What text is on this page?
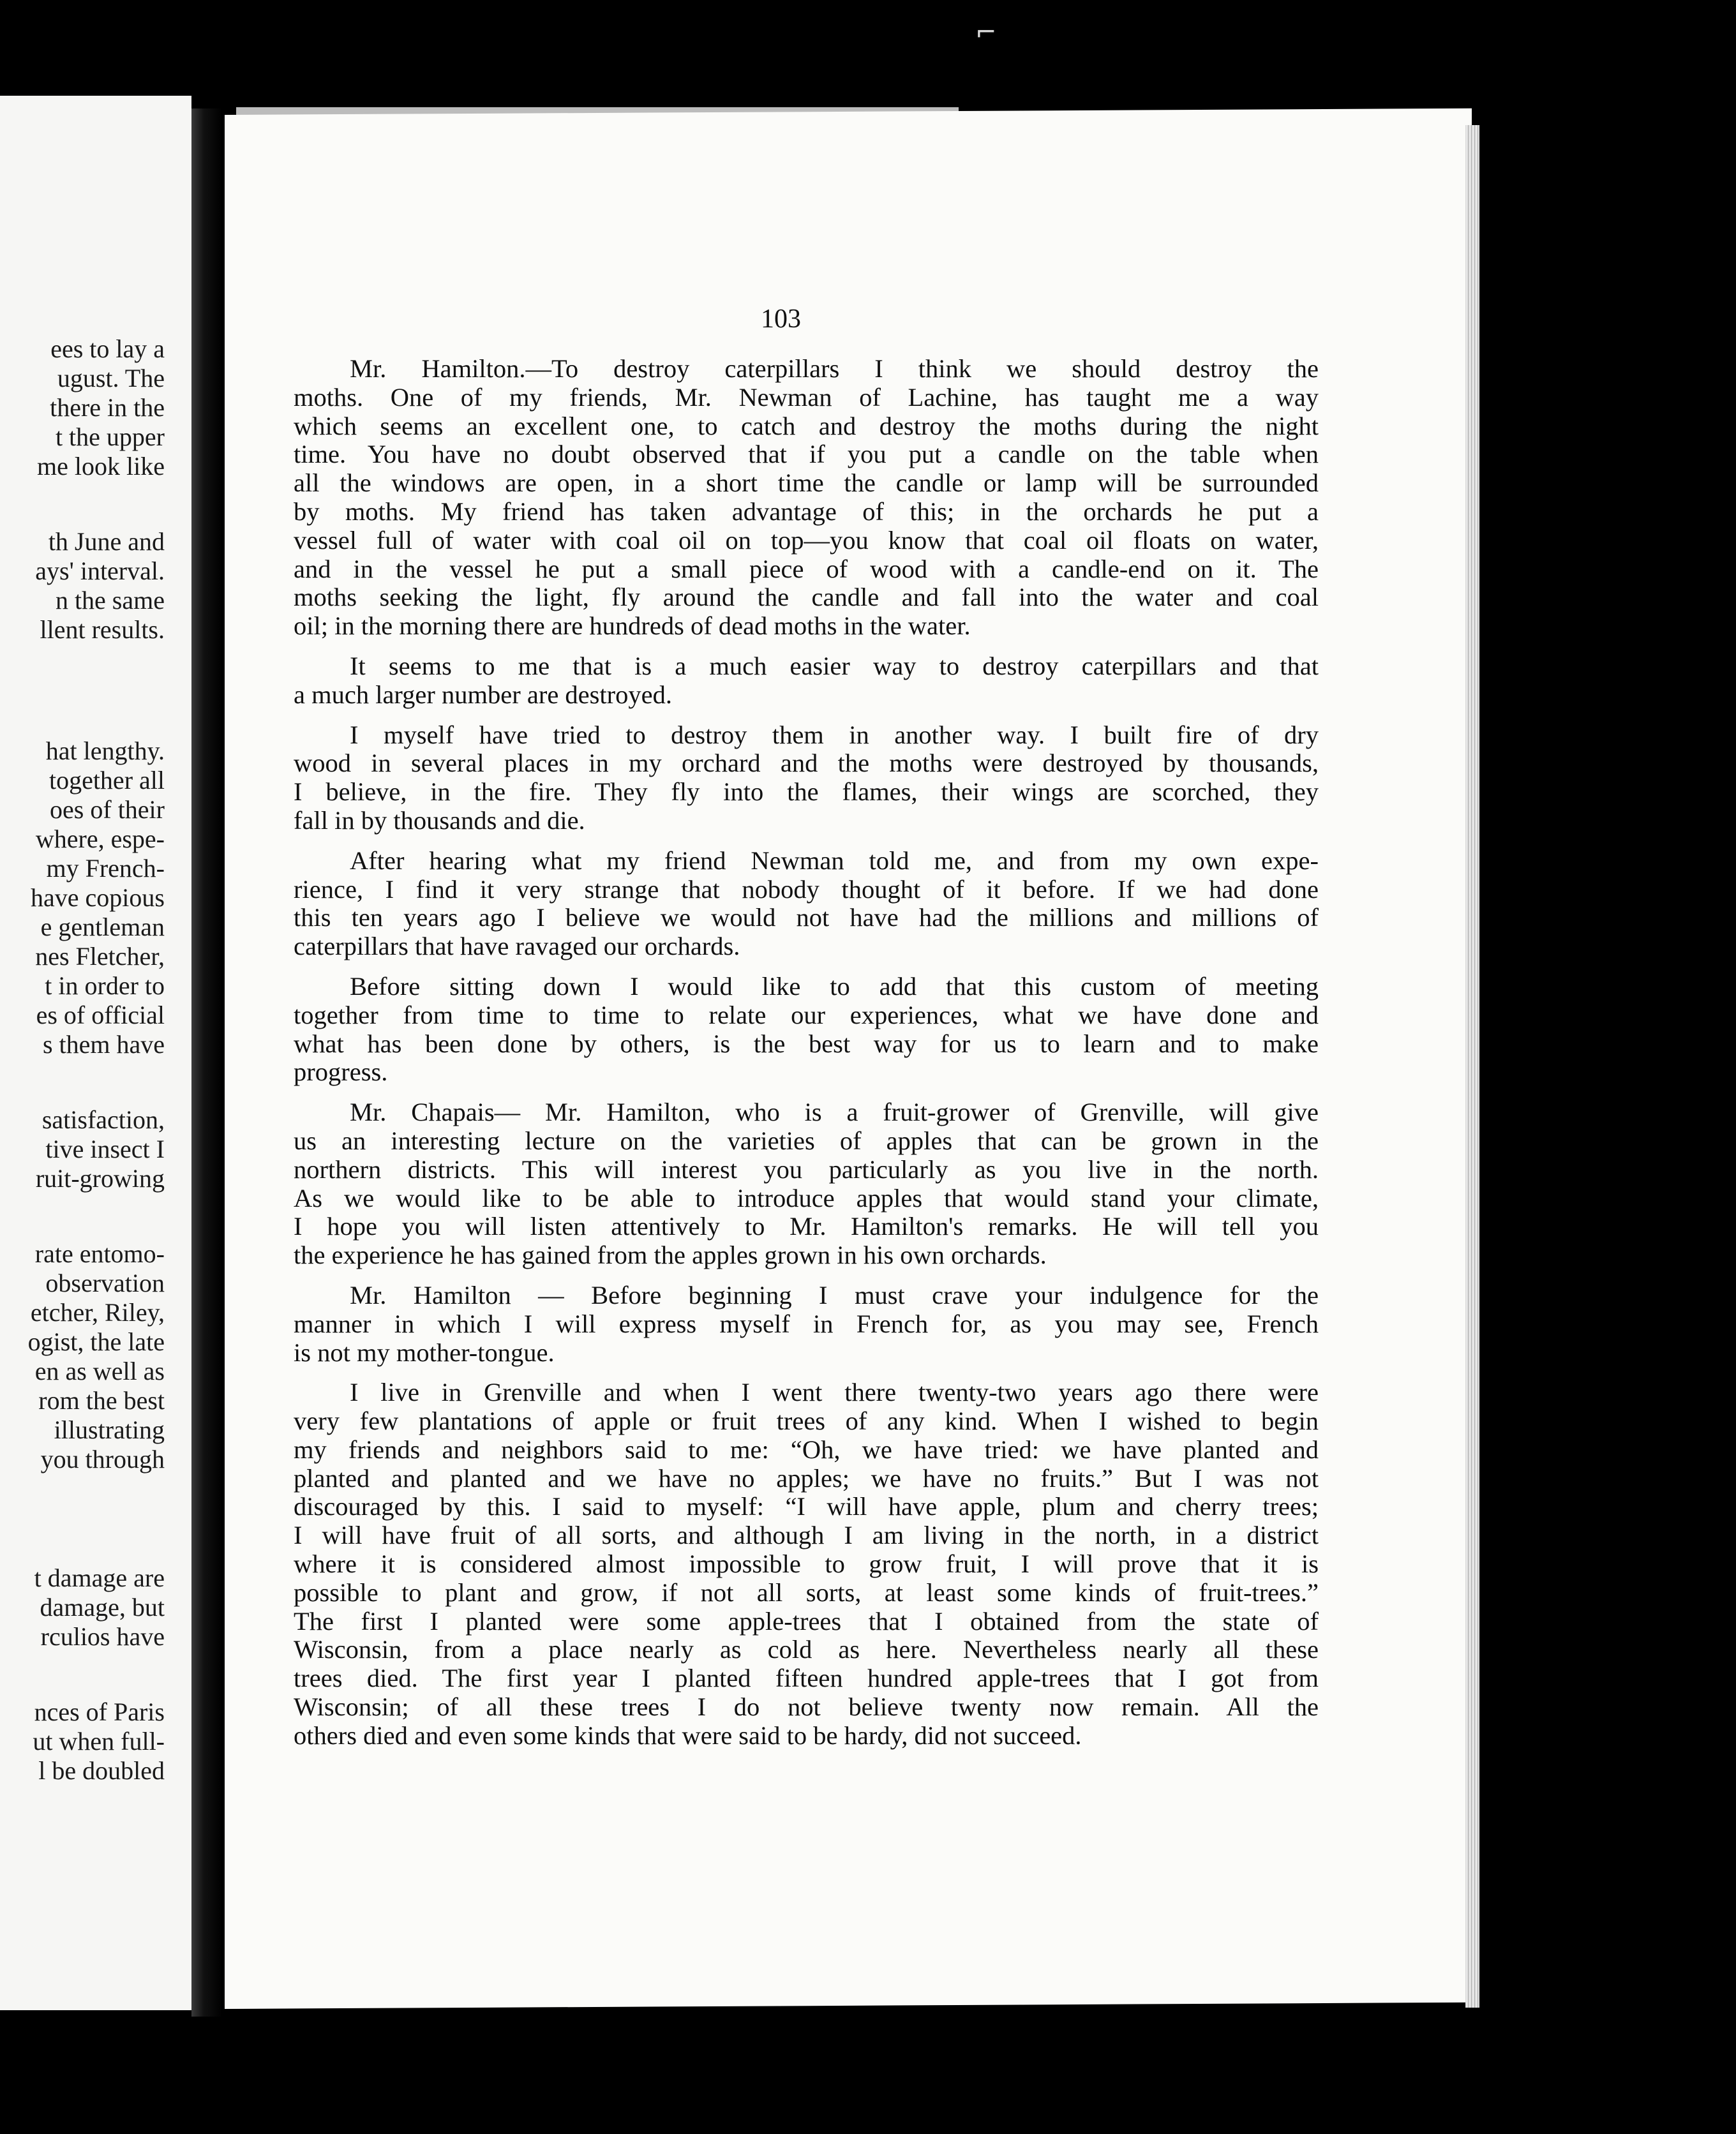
ees to lay a
ugust. The
there in the
t the upper
me look like
th June and
ays' interval.
n the same
llent results.
hat lengthy.
together all
oes of their
where, espe-
my French-
have copious
e gentleman
nes Fletcher,
t in order to
es of official
s them have
satisfaction,
tive insect I
ruit-growing
rate entomo-
observation
etcher, Riley,
ogist, the late
en as well as
rom the best
illustrating
you through
t damage are
damage, but
rculios have
nces of Paris
ut when full-
l be doubled
103
Mr. Hamilton.—To destroy caterpillars I think we should destroy the
moths. One of my friends, Mr. Newman of Lachine, has taught me a way
which seems an excellent one, to catch and destroy the moths during the night
time. You have no doubt observed that if you put a candle on the table when
all the windows are open, in a short time the candle or lamp will be surrounded
by moths. My friend has taken advantage of this; in the orchards he put a
vessel full of water with coal oil on top—you know that coal oil floats on water,
and in the vessel he put a small piece of wood with a candle-end on it. The
moths seeking the light, fly around the candle and fall into the water and coal
oil; in the morning there are hundreds of dead moths in the water.
It seems to me that is a much easier way to destroy caterpillars and that
a much larger number are destroyed.
I myself have tried to destroy them in another way. I built fire of dry
wood in several places in my orchard and the moths were destroyed by thousands,
I believe, in the fire. They fly into the flames, their wings are scorched, they
fall in by thousands and die.
After hearing what my friend Newman told me, and from my own expe-
rience, I find it very strange that nobody thought of it before. If we had done
this ten years ago I believe we would not have had the millions and millions of
caterpillars that have ravaged our orchards.
Before sitting down I would like to add that this custom of meeting
together from time to time to relate our experiences, what we have done and
what has been done by others, is the best way for us to learn and to make
progress.
Mr. Chapais— Mr. Hamilton, who is a fruit-grower of Grenville, will give
us an interesting lecture on the varieties of apples that can be grown in the
northern districts. This will interest you particularly as you live in the north.
As we would like to be able to introduce apples that would stand your climate,
I hope you will listen attentively to Mr. Hamilton's remarks. He will tell you
the experience he has gained from the apples grown in his own orchards.
Mr. Hamilton — Before beginning I must crave your indulgence for the
manner in which I will express myself in French for, as you may see, French
is not my mother-tongue.
I live in Grenville and when I went there twenty-two years ago there were
very few plantations of apple or fruit trees of any kind. When I wished to begin
my friends and neighbors said to me: “Oh, we have tried: we have planted and
planted and planted and we have no apples; we have no fruits.” But I was not
discouraged by this. I said to myself: “I will have apple, plum and cherry trees;
I will have fruit of all sorts, and although I am living in the north, in a district
where it is considered almost impossible to grow fruit, I will prove that it is
possible to plant and grow, if not all sorts, at least some kinds of fruit-trees.”
The first I planted were some apple-trees that I obtained from the state of
Wisconsin, from a place nearly as cold as here. Nevertheless nearly all these
trees died. The first year I planted fifteen hundred apple-trees that I got from
Wisconsin; of all these trees I do not believe twenty now remain. All the
others died and even some kinds that were said to be hardy, did not succeed.
⌐
